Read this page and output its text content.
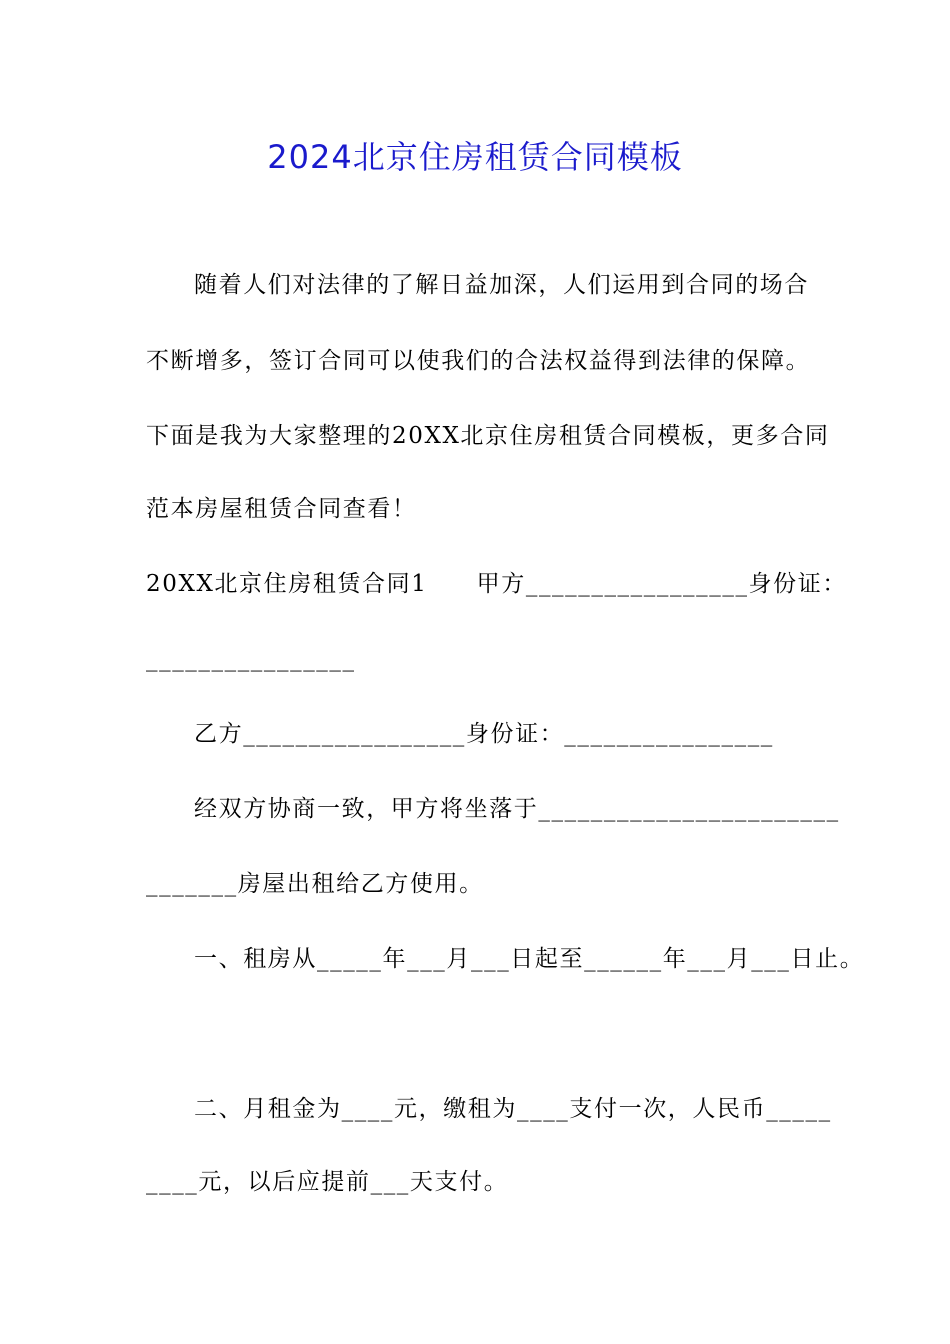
2024北京住房租赁合同模板
随着人们对法律的了解日益加深，人们运用到合同的场合
不断增多，签订合同可以使我们的合法权益得到法律的保障。
下面是我为大家整理的20XX北京住房租赁合同模板，更多合同
范本房屋租赁合同查看！
20XX北京住房租赁合同1　　甲方_________________身份证：
________________
乙方_________________身份证：________________
经双方协商一致，甲方将坐落于_______________________
_______房屋出租给乙方使用。
一、租房从_____年___月___日起至______年___月___日止。
二、月租金为____元，缴租为____支付一次，人民币_____
____元，以后应提前___天支付。
